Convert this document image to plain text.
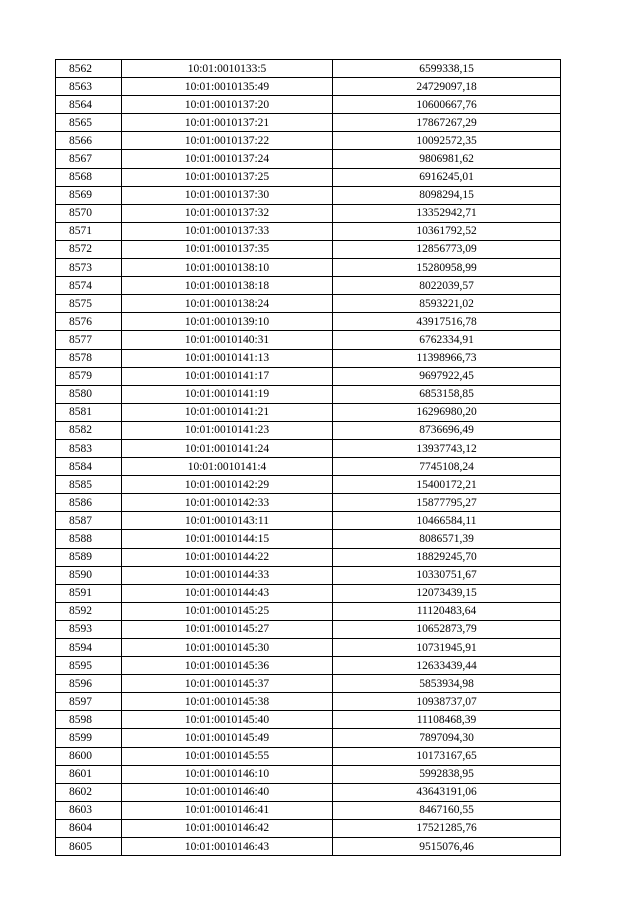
8562	10:01:0010133:5	6599338,15
8563	10:01:0010135:49	24729097,18
8564	10:01:0010137:20	10600667,76
8565	10:01:0010137:21	17867267,29
8566	10:01:0010137:22	10092572,35
8567	10:01:0010137:24	9806981,62
8568	10:01:0010137:25	6916245,01
8569	10:01:0010137:30	8098294,15
8570	10:01:0010137:32	13352942,71
8571	10:01:0010137:33	10361792,52
8572	10:01:0010137:35	12856773,09
8573	10:01:0010138:10	15280958,99
8574	10:01:0010138:18	8022039,57
8575	10:01:0010138:24	8593221,02
8576	10:01:0010139:10	43917516,78
8577	10:01:0010140:31	6762334,91
8578	10:01:0010141:13	11398966,73
8579	10:01:0010141:17	9697922,45
8580	10:01:0010141:19	6853158,85
8581	10:01:0010141:21	16296980,20
8582	10:01:0010141:23	8736696,49
8583	10:01:0010141:24	13937743,12
8584	10:01:0010141:4	7745108,24
8585	10:01:0010142:29	15400172,21
8586	10:01:0010142:33	15877795,27
8587	10:01:0010143:11	10466584,11
8588	10:01:0010144:15	8086571,39
8589	10:01:0010144:22	18829245,70
8590	10:01:0010144:33	10330751,67
8591	10:01:0010144:43	12073439,15
8592	10:01:0010145:25	11120483,64
8593	10:01:0010145:27	10652873,79
8594	10:01:0010145:30	10731945,91
8595	10:01:0010145:36	12633439,44
8596	10:01:0010145:37	5853934,98
8597	10:01:0010145:38	10938737,07
8598	10:01:0010145:40	11108468,39
8599	10:01:0010145:49	7897094,30
8600	10:01:0010145:55	10173167,65
8601	10:01:0010146:10	5992838,95
8602	10:01:0010146:40	43643191,06
8603	10:01:0010146:41	8467160,55
8604	10:01:0010146:42	17521285,76
8605	10:01:0010146:43	9515076,46
